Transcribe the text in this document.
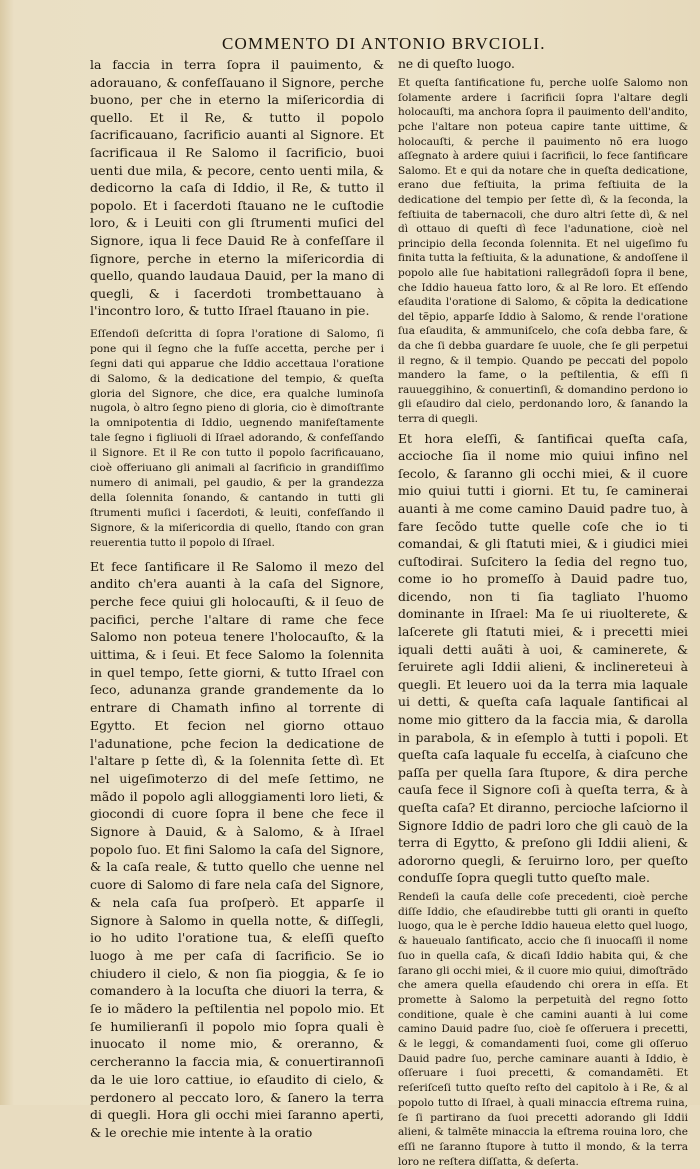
COMMENTO DI ANTONIO BRVCIOLI.

la faccia in terra ſopra il pauimento, & adorauano, & confeſſauano il Signore, perche buono, per che in eterno la miſericordia di quello. Et il Re, & tutto il popolo ſacrificauano, ſacrificio auanti al Signore. Et ſacrificaua il Re Salomo il ſacrificio, buoi uenti due mila, & pecore, cento uenti mila, & dedicorno la caſa di Iddio, il Re, & tutto il popolo. Et i ſacerdoti ſtauano ne le cuſtodie loro, & i Leuiti con gli ſtrumenti muſici del Signore, iqua li fece Dauid Re à confeſſare il ſignore, perche in eterno la miſericordia di quello, quando laudaua Dauid, per la mano di quegli, & i ſacerdoti trombettauano à l'incontro loro, & tutto Iſrael ſtauano in pie.

Eſſendoſi deſcritta di ſopra l'oratione di Salomo, ſi pone qui il ſegno che la fuſſe accetta, perche per i ſegni dati qui apparue che Iddio accettaua l'oratione di Salomo, & la dedicatione del tempio, & queſta gloria del Signore, che dice, era qualche luminoſa nugola, ò altro ſegno pieno di gloria, cio è dimoſtrante la omnipotentia di Iddio, uegnendo manifeſtamente tale ſegno i figliuoli di Iſrael adorando, & confeſſando il Signore. Et il Re con tutto il popolo ſacrificauano, cioè offeriuano gli animali al ſacrificio in grandiſſimo numero di animali, pel gaudio, & per la grandezza della ſolennita ſonando, & cantando in tutti gli ſtrumenti muſici i ſacerdoti, & leuiti, confeſſando il Signore, & la miſericordia di quello, ſtando con gran reuerentia tutto il popolo di Iſrael.

Et fece ſantificare il Re Salomo il mezo del andito ch'era auanti à la caſa del Signore, perche fece quiui gli holocauſti, & il ſeuo de pacifici, perche l'altare di rame che fece Salomo non poteua tenere l'holocauſto, & la uittima, & i ſeui. Et fece Salomo la ſolennita in quel tempo, ſette giorni, & tutto Iſrael con ſeco, adunanza grande grandemente da lo entrare di Chamath infino al torrente di Egytto. Et fecion nel giorno ottauo l'adunatione, pche fecion la dedicatione de l'altare p ſette dì, & la ſolennita ſette dì. Et nel uigeſimoterzo di del meſe ſettimo, ne mãdo il popolo agli alloggiamenti loro lieti, & giocondi di cuore ſopra il bene che fece il Signore à Dauid, & à Salomo, & à Iſrael popolo ſuo. Et fini Salomo la caſa del Signore, & la caſa reale, & tutto quello che uenne nel cuore di Salomo di fare nela caſa del Signore, & nela caſa ſua proſperò. Et apparſe il Signore à Salomo in quella notte, & diſſegli, io ho udito l'oratione tua, & eleſſi queſto luogo à me per caſa di ſacrificio. Se io chiudero il cielo, & non ſia pioggia, & ſe io comandero à la locuſta che diuori la terra, & ſe io mãdero la peſtilentia nel popolo mio. Et ſe humilieranſi il popolo mio ſopra quali è inuocato il nome mio, & oreranno, & cercheranno la faccia mia, & conuertirannoſi da le uie loro cattiue, io eſaudito di cielo, & perdonero al peccato loro, & ſanero la terra di quegli. Hora gli occhi miei ſaranno aperti, & le orechie mie intente à la oratio

ne di queſto luogo.

Et queſta ſantificatione fu, perche uolſe Salomo non ſolamente ardere i ſacrificii ſopra l'altare degli holocauſti, ma anchora ſopra il pauimento dell'andito, pche l'altare non poteua capire tante uittime, & holocauſti, & perche il pauimento nõ era luogo aſſegnato à ardere quiui i ſacrificii, lo fece ſantificare Salomo. Et e qui da notare che in queſta dedicatione, erano due feſtiuita, la prima feſtiuita de la dedicatione del tempio per ſette dì, & la ſeconda, la feſtiuita de tabernacoli, che duro altri ſette dì, & nel dì ottauo di queſti dì fece l'adunatione, cioè nel principio della ſeconda ſolennita. Et nel uigeſimo fu finita tutta la feſtiuita, & la adunatione, & andoſſene il popolo alle ſue habitationi rallegrādoſi ſopra il bene, che Iddio haueua fatto loro, & al Re loro. Et eſſendo eſaudita l'oratione di Salomo, & cõpita la dedicatione del tẽpio, apparſe Iddio à Salomo, & rende l'oratione ſua eſaudita, & ammuniſcelo, che coſa debba fare, & da che ſi debba guardare ſe uuole, che ſe gli perpetui il regno, & il tempio. Quando pe peccati del popolo mandero la fame, o la peſtilentia, & eſſi ſi rauueggihino, & conuertinſi, & domandino perdono io gli eſaudiro dal cielo, perdonando loro, & ſanando la terra di quegli.

Et hora eleſſi, & ſantificai queſta caſa, accioche ſia il nome mio quiui infino nel ſecolo, & ſaranno gli occhi miei, & il cuore mio quiui tutti i giorni. Et tu, ſe caminerai auanti à me come camino Dauid padre tuo, à fare ſecõdo tutte quelle coſe che io ti comandai, & gli ſtatuti miei, & i giudici miei cuſtodirai. Suſcitero la ſedia del regno tuo, come io ho promeſſo à Dauid padre tuo, dicendo, non ti ſia tagliato l'huomo dominante in Iſrael: Ma ſe ui riuolterete, & laſcerete gli ſtatuti miei, & i precetti miei iquali detti auãti à uoi, & caminerete, & ſeruirete agli Iddii alieni, & inclinereteui à quegli. Et leuero uoi da la terra mia laquale ui detti, & queſta caſa laquale ſantificai al nome mio gittero da la faccia mia, & darolla in parabola, & in eſemplo à tutti i popoli. Et queſta caſa laquale fu eccelſa, à ciaſcuno che paſſa per quella ſara ſtupore, & dira perche cauſa fece il Signore coſi à queſta terra, & à queſta caſa? Et diranno, percioche laſciorno il Signore Iddio de padri loro che gli cauò de la terra di Egytto, & preſono gli Iddii alieni, & adororno quegli, & ſeruirno loro, per queſto conduſſe ſopra quegli tutto queſto male.

Rendeſi la cauſa delle coſe precedenti, cioè perche diſſe Iddio, che eſaudirebbe tutti gli oranti in queſto luogo, qua le è perche Iddio haueua eletto quel luogo, & haueualo ſantificato, accio che ſi inuocaſſi il nome ſuo in quella caſa, & dicaſi Iddio habita qui, & che ſarano gli occhi miei, & il cuore mio quiui, dimoſtrãdo che amera quella eſaudendo chi orera in eſſa. Et promette à Salomo la perpetuità del regno ſotto conditione, quale è che camini auanti à lui come camino Dauid padre ſuo, cioè ſe oſſeruera i precetti, & le leggi, & comandamenti ſuoi, come gli oſſeruo Dauid padre ſuo, perche caminare auanti à Iddio, è oſſeruare i ſuoi precetti, & comandamẽti. Et reſeriſceſi tutto queſto reſto del capitolo à i Re, & al popolo tutto di Iſrael, à quali minaccia eſtrema ruina, ſe ſi partirano da ſuoi precetti adorando gli Iddii alieni, & talmẽte minaccia la eſtrema rouina loro, che eſſi ne ſaranno ſtupore à tutto il mondo, & la terra loro ne reſtera diſſatta, & deſerta.
